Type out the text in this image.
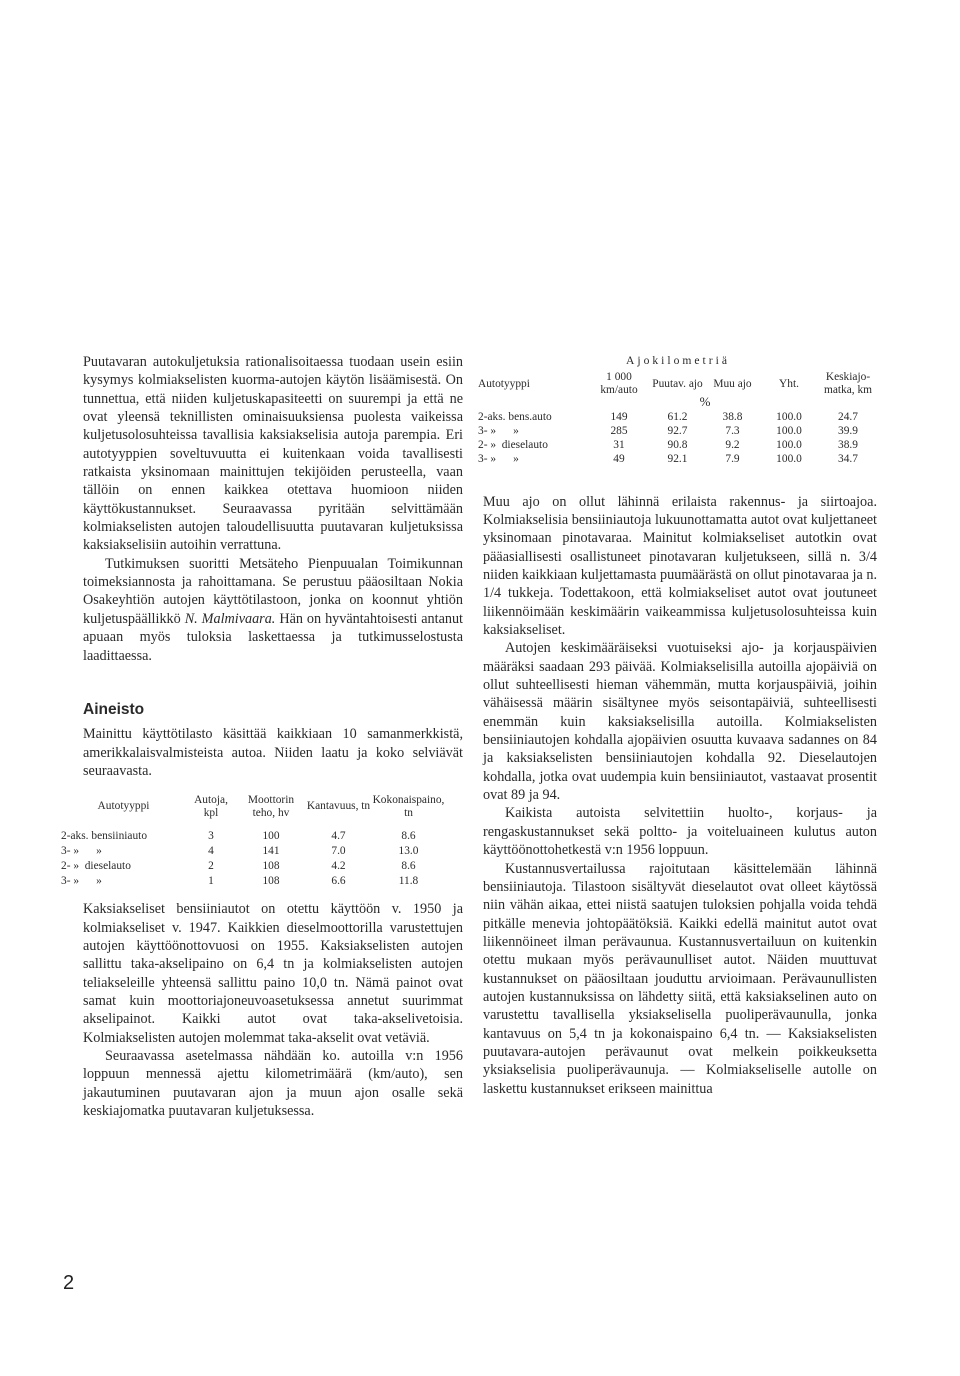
Puutavaran autokuljetuksia rationalisoitaessa tuodaan usein esiin kysymys kolmiakselisten kuorma-autojen käytön lisäämisestä. On tunnettua, että niiden kuljetuskapasiteetti on suurempi ja että ne ovat yleensä teknillisten ominaisuuksiensa puolesta vaikeissa kuljetusolosuhteissa tavallisia kaksiakselisia autoja parempia. Eri autotyyppien soveltuvuutta ei kuitenkaan voida tavallisesti ratkaista yksinomaan mainittujen tekijöiden perusteella, vaan tällöin on ennen kaikkea otettava huomioon niiden käyttökustannukset. Seuraavassa pyritään selvittämään kolmiakselisten autojen taloudellisuutta puutavaran kuljetuksissa kaksiakselisiin autoihin verrattuna.

Tutkimuksen suoritti Metsäteho Pienpuualan Toimikunnan toimeksiannosta ja rahoittamana. Se perustuu pääosiltaan Nokia Osakeyhtiön autojen käyttötilastoon, jonka on koonnut yhtiön kuljetuspäällikkö N. Malmivaara. Hän on hyväntahtoisesti antanut apuaan myös tuloksia laskettaessa ja tutkimusselostusta laadittaessa.

Aineisto

Mainittu käyttötilasto käsittää kaikkiaan 10 samanmerkkistä, amerikkalaisvalmisteista autoa. Niiden laatu ja koko selviävät seuraavasta.

Autotyyppi	Autoja, kpl	Moottorin teho, hv	Kantavuus, tn	Kokonaispaino, tn
2-aks. bensiiniauto	3	100	4.7	8.6
3- »      »	4	141	7.0	13.0
2- »  dieselauto	2	108	4.2	8.6
3- »      »	1	108	6.6	11.8

Kaksiakseliset bensiiniautot on otettu käyttöön v. 1950 ja kolmiakseliset v. 1947. Kaikkien dieselmoottorilla varustettujen autojen käyttöönottovuosi on 1955. Kaksiakselisten autojen sallittu taka-akselipaino on 6,4 tn ja kolmiakselisten autojen teliakseleille yhteensä sallittu paino 10,0 tn. Nämä painot ovat samat kuin moottoriajoneuvoasetuksessa annetut suurimmat akselipainot. Kaikki autot ovat taka-akselivetoisia. Kolmiakselisten autojen molemmat taka-akselit ovat vetäviä.

Seuraavassa asetelmassa nähdään ko. autoilla v:n 1956 loppuun mennessä ajettu kilometrimäärä (km/auto), sen jakautuminen puutavaran ajon ja muun ajon osalle sekä keskiajomatka puutavaran kuljetuksessa.

Ajokilometriä					
Autotyyppi	1 000 km/auto	Puutav. ajo	Muu ajo	Yht.	Keskiajo-matka, km
		%			
2-aks. bens.auto	149	61.2	38.8	100.0	24.7
3- »      »	285	92.7	7.3	100.0	39.9
2- »  dieselauto	31	90.8	9.2	100.0	38.9
3- »      »	49	92.1	7.9	100.0	34.7

Muu ajo on ollut lähinnä erilaista rakennus- ja siirtoajoa. Kolmiakselisia bensiiniautoja lukuunottamatta autot ovat kuljettaneet yksinomaan pinotavaraa. Mainitut kolmiakseliset autotkin ovat pääasiallisesti osallistuneet pinotavaran kuljetukseen, sillä n. 3/4 niiden kaikkiaan kuljettamasta puumäärästä on ollut pinotavaraa ja n. 1/4 tukkeja. Todettakoon, että kolmiakseliset autot ovat joutuneet liikennöimään keskimäärin vaikeammissa kuljetusolosuhteissa kuin kaksiakseliset.

Autojen keskimääräiseksi vuotuiseksi ajo- ja korjauspäivien määräksi saadaan 293 päivää. Kolmiakselisilla autoilla ajopäiviä on ollut suhteellisesti hieman vähemmän, mutta korjauspäiviä, joihin vähäisessä määrin sisältynee myös seisontapäiviä, suhteellisesti enemmän kuin kaksiakselisilla autoilla. Kolmiakselisten bensiiniautojen kohdalla ajopäivien osuutta kuvaava sadannes on 84 ja kaksiakselisten bensiiniautojen kohdalla 92. Dieselautojen kohdalla, jotka ovat uudempia kuin bensiiniautot, vastaavat prosentit ovat 89 ja 94.

Kaikista autoista selvitettiin huolto-, korjaus- ja rengaskustannukset sekä poltto- ja voiteluaineen kulutus auton käyttöönottohetkestä v:n 1956 loppuun.

Kustannusvertailussa rajoitutaan käsittelemään lähinnä bensiiniautoja. Tilastoon sisältyvät dieselautot ovat olleet käytössä niin vähän aikaa, ettei niistä saatujen tuloksien pohjalla voida tehdä pitkälle menevia johtopäätöksiä. Kaikki edellä mainitut autot ovat liikennöineet ilman perävaunua. Kustannusvertailuun on kuitenkin otettu mukaan myös perävaunulliset autot. Näiden muuttuvat kustannukset on pääosiltaan jouduttu arvioimaan. Perävaunullisten autojen kustannuksissa on lähdetty siitä, että kaksiakselinen auto on varustettu tavallisella yksiakselisella puoliperävaunulla, jonka kantavuus on 5,4 tn ja kokonaispaino 6,4 tn. — Kaksiakselisten puutavara-autojen perävaunut ovat melkein poikkeuksetta yksiakselisia puoliperävaunuja. — Kolmiakseliselle autolle on laskettu kustannukset erikseen mainittua

2
